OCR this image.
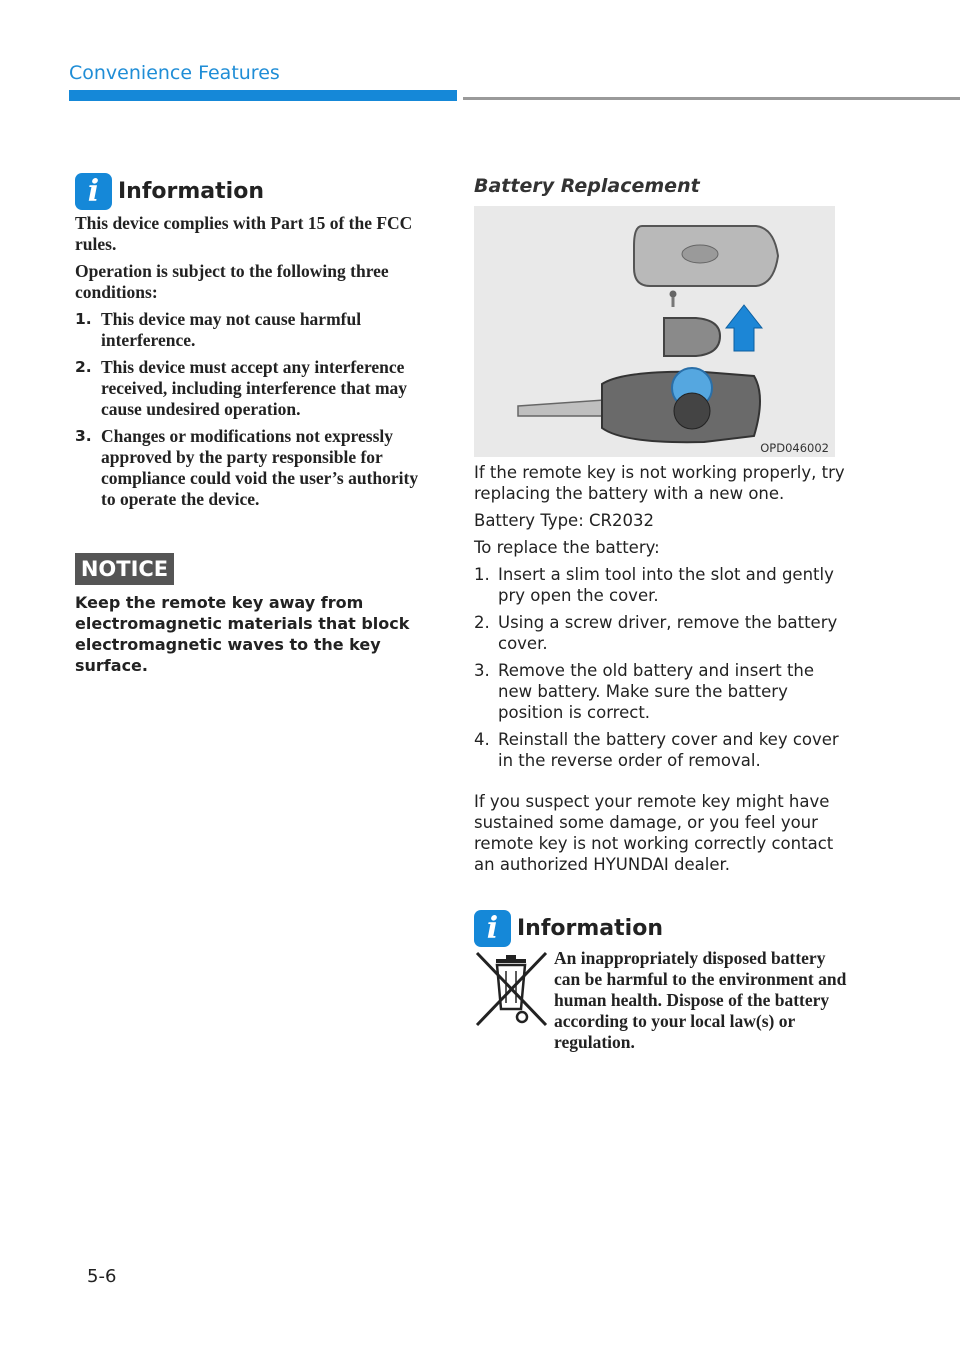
Convenience Features
i Information

This device complies with Part 15 of the FCC rules.

Operation is subject to the following three conditions:

1. This device may not cause harmful interference.
2. This device must accept any interference received, including interference that may cause undesired operation.
3. Changes or modifications not expressly approved by the party responsible for compliance could void the user’s authority to operate the device.
NOTICE
Keep the remote key away from electromagnetic materials that block electromagnetic waves to the key surface.
Battery Replacement
OPD046002

If the remote key is not working properly, try replacing the battery with a new one.

Battery Type: CR2032

To replace the battery:

1. Insert a slim tool into the slot and gently pry open the cover.
2. Using a screw driver, remove the battery cover.
3. Remove the old battery and insert the new battery. Make sure the battery position is correct.
4. Reinstall the battery cover and key cover in the reverse order of removal.

If you suspect your remote key might have sustained some damage, or you feel your remote key is not working correctly contact an authorized HYUNDAI dealer.

i Information
An inappropriately disposed battery can be harmful to the environment and human health. Dispose of the battery according to your local law(s) or regulation.
5-6
